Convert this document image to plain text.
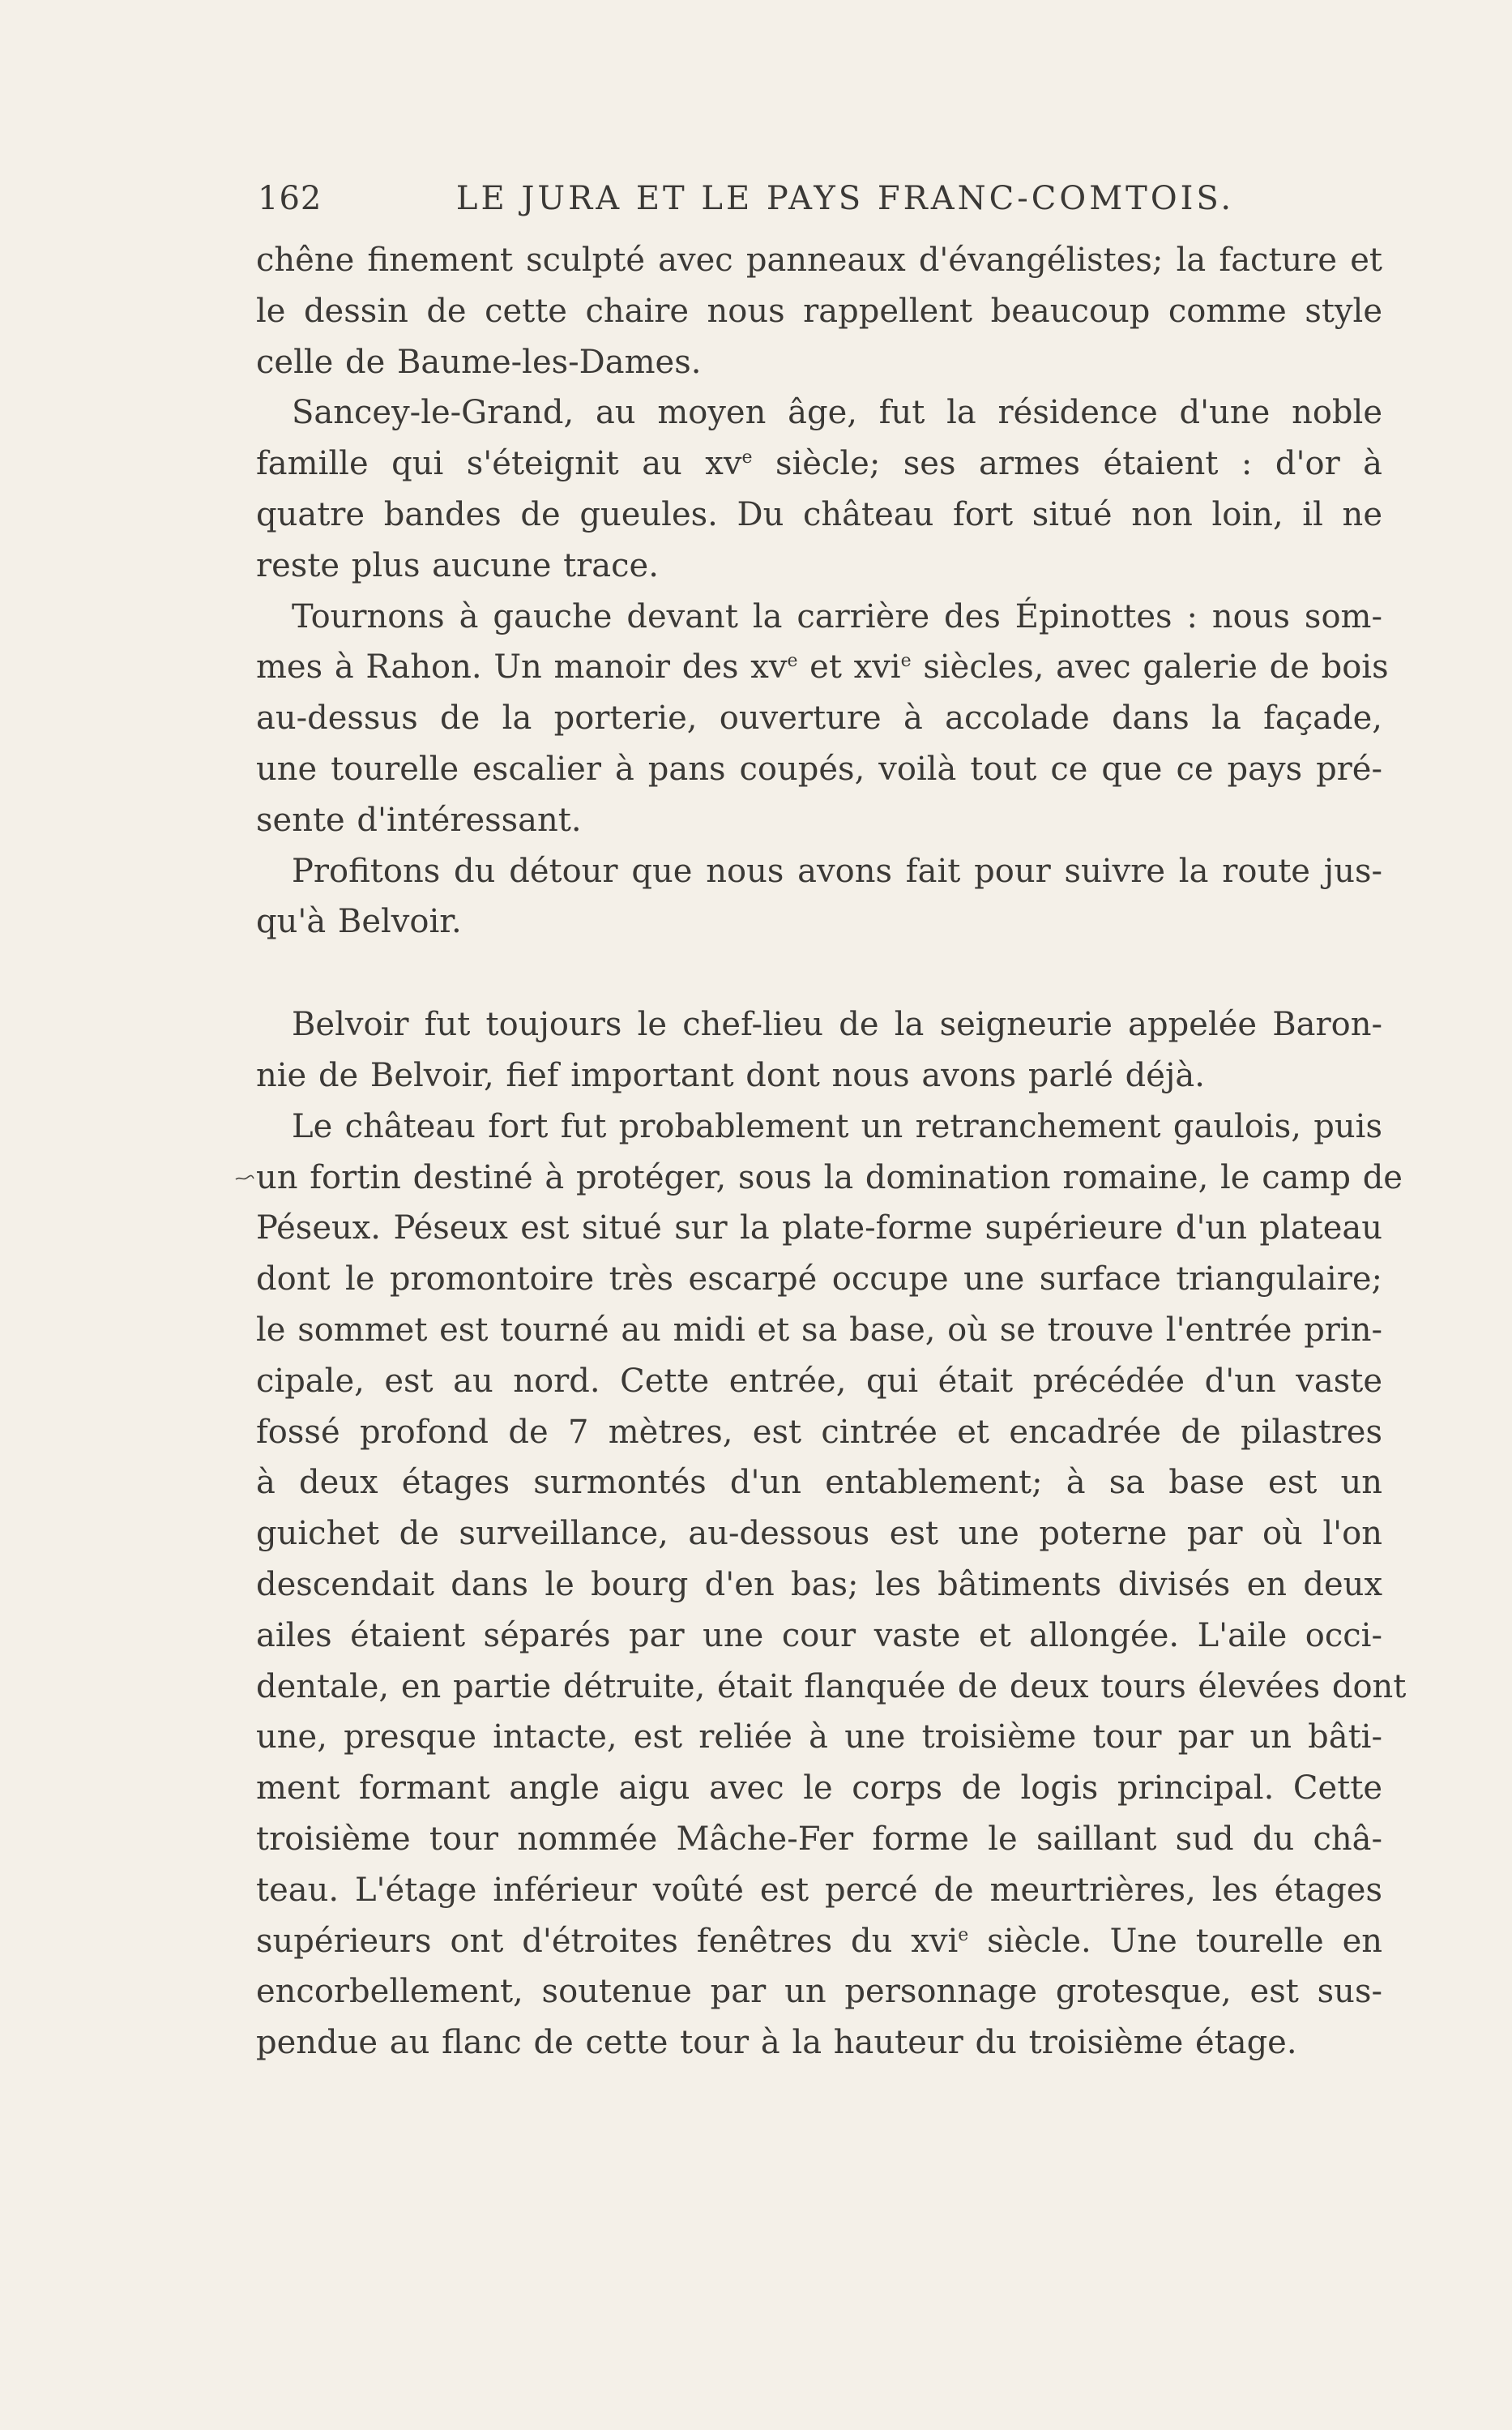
162	LE JURA ET LE PAYS FRANC-COMTOIS.

chêne finement sculpté avec panneaux d'évangélistes; la facture et
le dessin de cette chaire nous rappellent beaucoup comme style
celle de Baume-les-Dames.

Sancey-le-Grand, au moyen âge, fut la résidence d'une noble
famille qui s'éteignit au $xv^e$ siècle; ses armes étaient : d'or à
quatre bandes de gueules. Du château fort situé non loin, il ne
reste plus aucune trace.

Tournons à gauche devant la carrière des Épinottes : nous som-
mes à Rahon. Un manoir des $xv^e$ et xvi$^e$ siècles, avec galerie de bois
au-dessus de la porterie, ouverture à accolade dans la façade,
une tourelle escalier à pans coupés, voilà tout ce que ce pays pré-
sente d'intéressant.

Profitons du détour que nous avons fait pour suivre la route jus-
qu'à Belvoir.

Belvoir fut toujours le chef-lieu de la seigneurie appelée Baron-
nie de Belvoir, fief important dont nous avons parlé déjà.

Le château fort fut probablement un retranchement gaulois, puis
un fortin destiné à protéger, sous la domination romaine, le camp de
Péseux. Péseux est situé sur la plate-forme supérieure d'un plateau
dont le promontoire très escarpé occupe une surface triangulaire;
le sommet est tourné au midi et sa base, où se trouve l'entrée prin-
cipale, est au nord. Cette entrée, qui était précédée d'un vaste
fossé profond de 7 mètres, est cintrée et encadrée de pilastres
à deux étages surmontés d'un entablement; à sa base est un
guichet de surveillance, au-dessous est une poterne par où l'on
descendait dans le bourg d'en bas; les bâtiments divisés en deux
ailes étaient séparés par une cour vaste et allongée. L'aile occi-
dentale, en partie détruite, était flanquée de deux tours élevées dont
une, presque intacte, est reliée à une troisième tour par un bâti-
ment formant angle aigu avec le corps de logis principal. Cette
troisième tour nommée Mâche-Fer forme le saillant sud du châ-
teau. L'étage inférieur voûté est percé de meurtrières, les étages
supérieurs ont d'étroites fenêtres du xvi$^e$ siècle. Une tourelle en
encorbellement, soutenue par un personnage grotesque, est sus-
pendue au flanc de cette tour à la hauteur du troisième étage.
